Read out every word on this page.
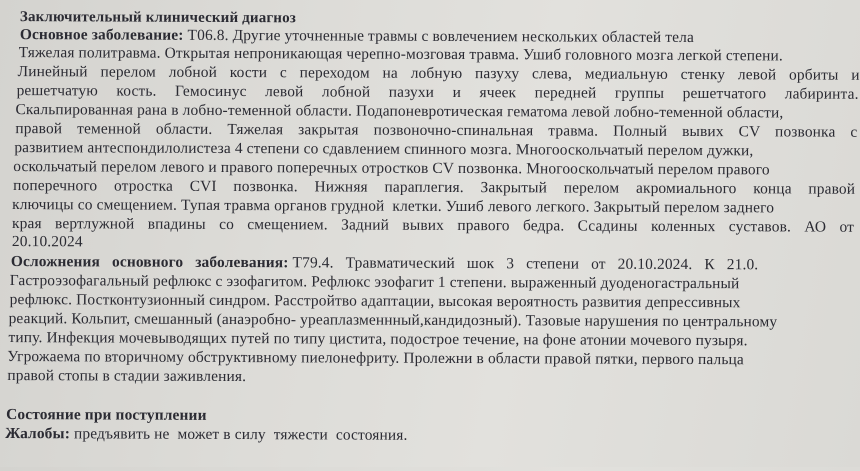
Заключительный клинический диагноз
Основное заболевание: Т06.8. Другие уточненные травмы с вовлечением нескольких областей тела
Тяжелая политравма. Открытая непроникающая черепно-мозговая травма. Ушиб головного мозга легкой степени.
Линейный перелом лобной кости с переходом на лобную пазуху слева, медиальную стенку левой орбиты и
решетчатую кость. Гемосинус левой лобной пазухи и ячеек передней группы решетчатого лабиринта.
Скальпированная рана в лобно-теменной области. Подапоневротическая гематома левой лобно-теменной области,
правой теменной области. Тяжелая закрытая позвоночно-спинальная травма. Полный вывих CV позвонка с
развитием антеспондилолистеза 4 степени со сдавлением спинного мозга. Многооскольчатый перелом дужки,
оскольчатый перелом левого и правого поперечных отростков CV позвонка. Многооскольчатый перелом правого
поперечного отростка CVI позвонка. Нижняя параплегия. Закрытый перелом акромиального конца правой
ключицы со смещением. Тупая травма органов грудной  клетки. Ушиб левого легкого. Закрытый перелом заднего
края вертлужной впадины со смещением. Задний вывих правого бедра. Ссадины коленных суставов. АО от
20.10.2024
Осложнения   основного   заболевания: Т79.4.   Травматический   шок   3   степени   от   20.10.2024.   К   21.0.
Гастроэзофагальный рефлюкс с эзофагитом. Рефлюкс эзофагит 1 степени. выраженный дуоденогастральный
рефлюкс. Постконтузионный синдром. Расстройтво адаптации, высокая вероятность развития депрессивных
реакций. Кольпит, смешанный (анаэробно- уреаплазменнный,кандидозный). Тазовые нарушения по центральному
типу. Инфекция мочевыводящих путей по типу цистита, подострое течение, на фоне атонии мочевого пузыря.
Угрожаема по вторичному обструктивному пиелонефриту. Пролежни в области правой пятки, первого пальца
правой стопы в стадии заживления.
Состояние при поступлении
Жалобы: предъявить не  может в силу  тяжести  состояния.
